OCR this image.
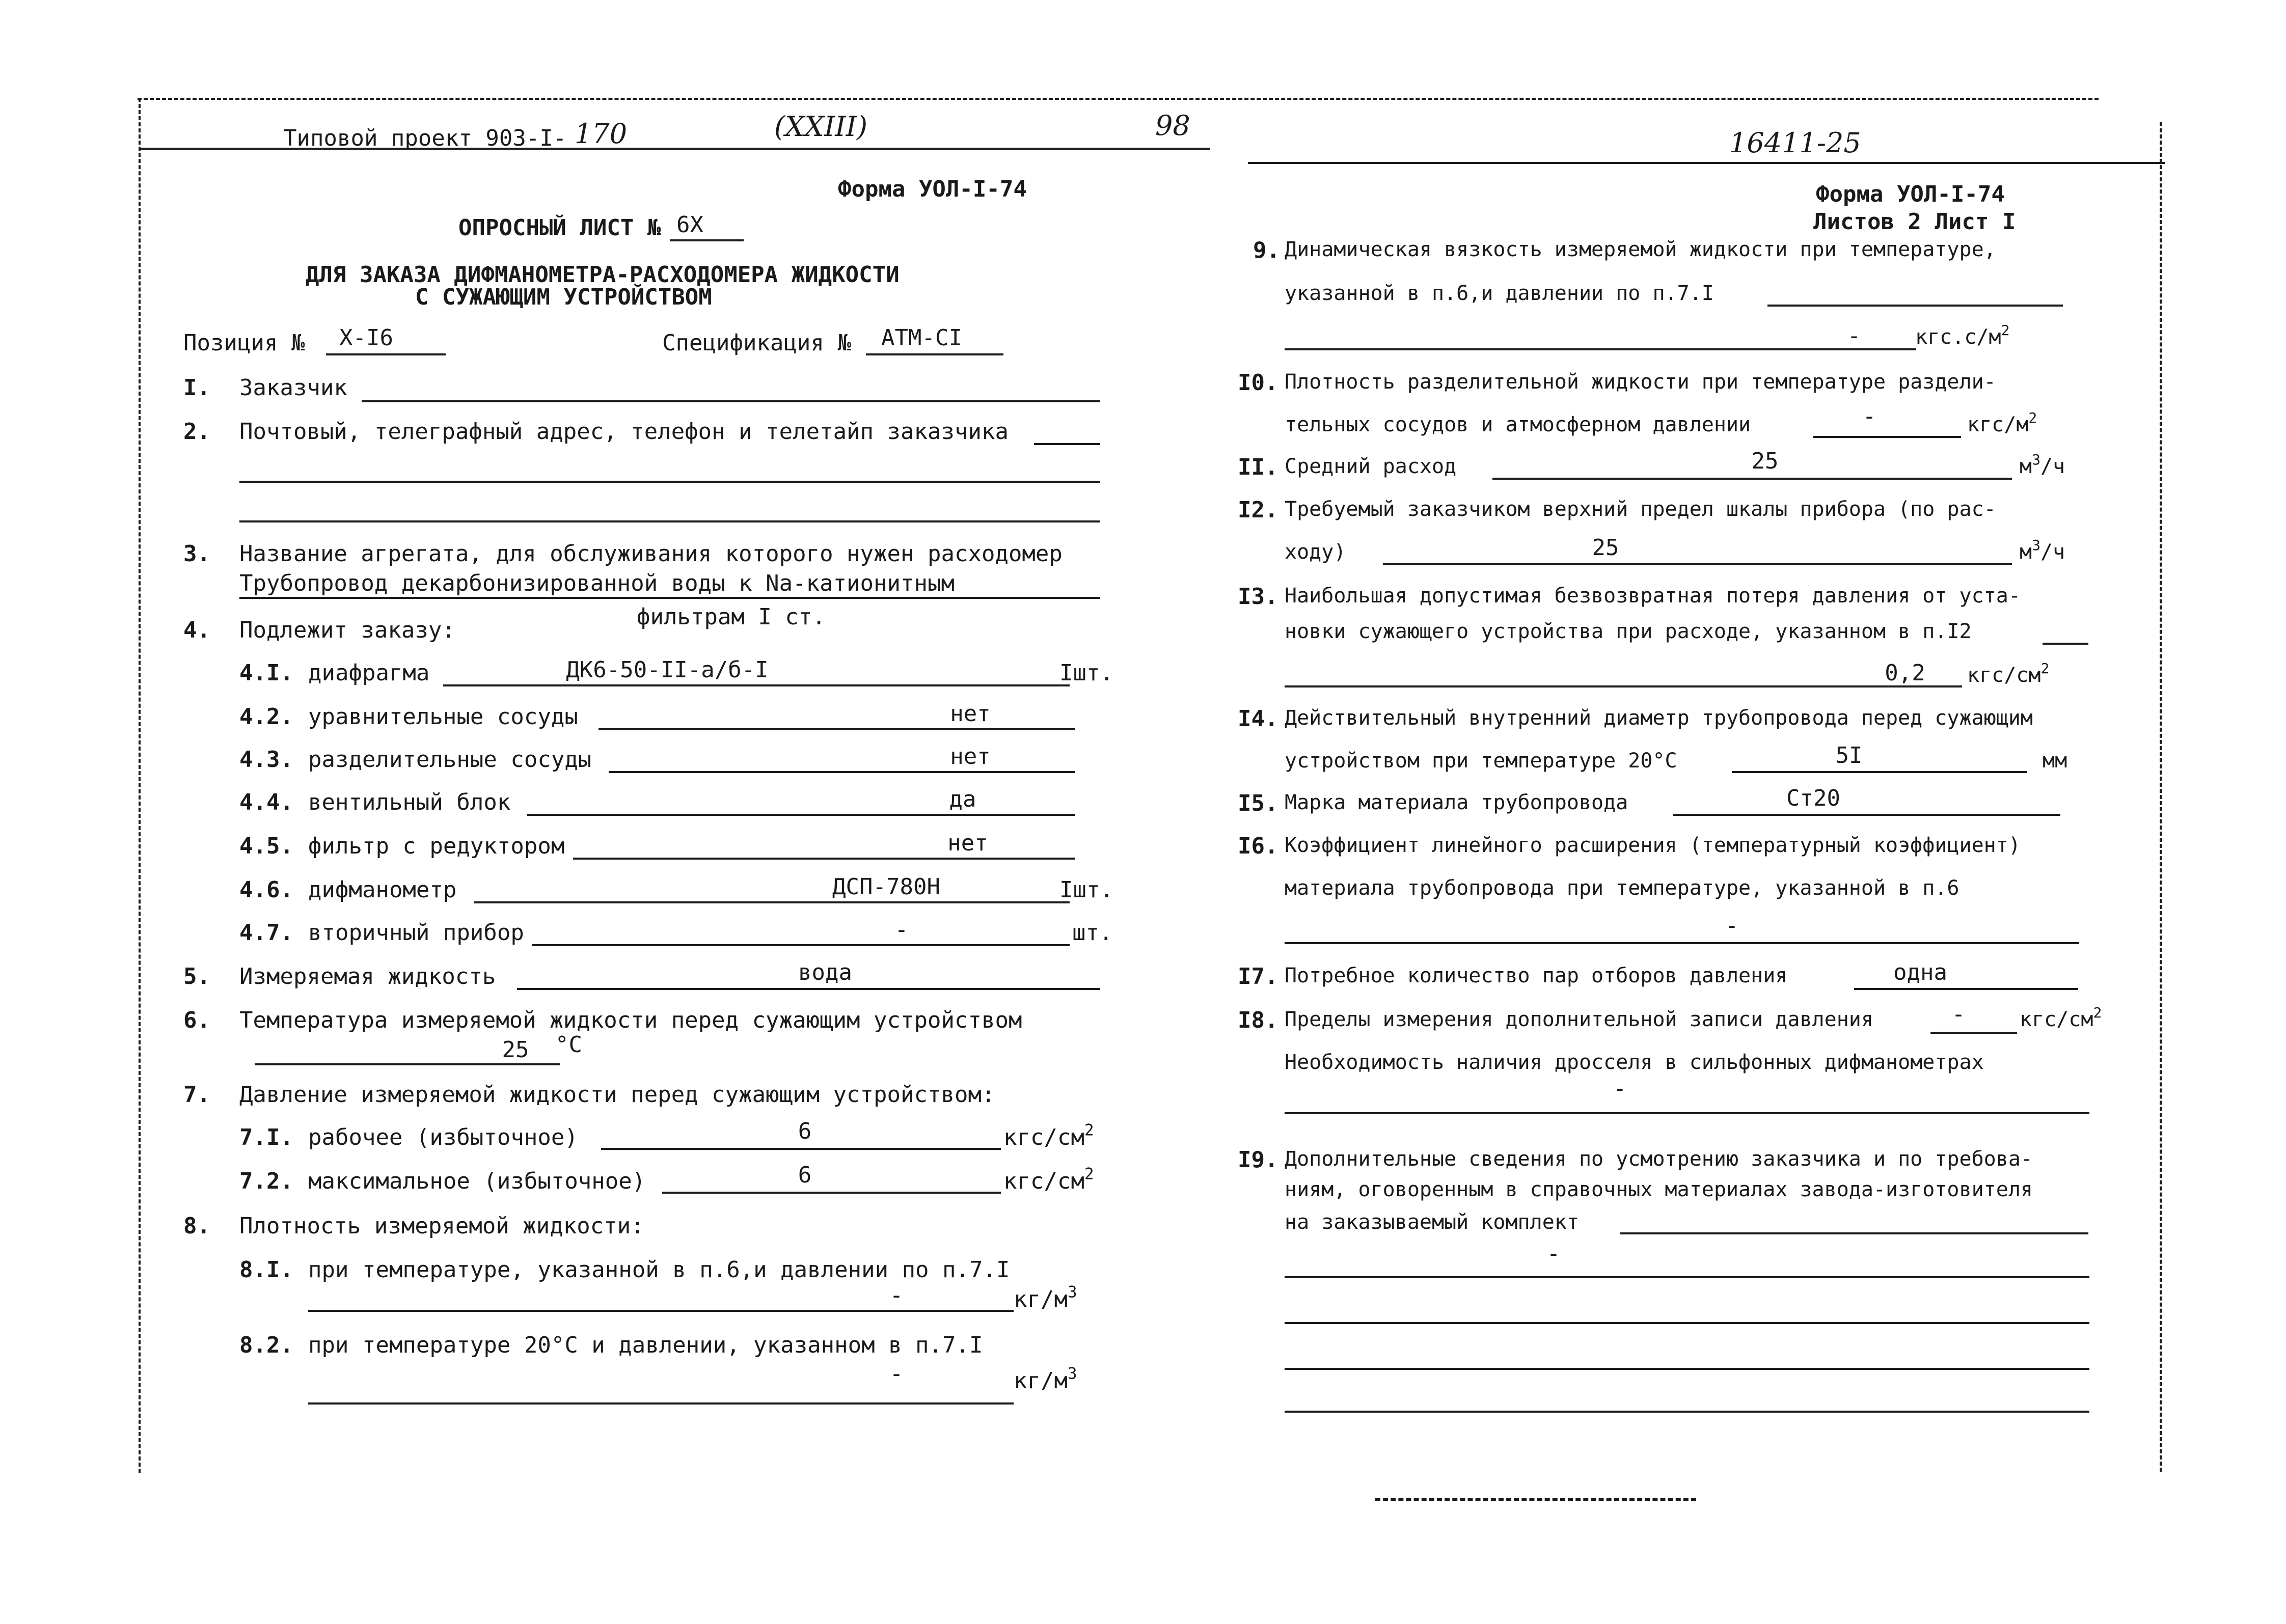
Типовой проект 903-I- 170	(XXIII)	98
16411-25
Форма УОЛ-I-74
ОПРОСНЫЙ ЛИСТ № 6X
ДЛЯ ЗАКАЗА ДИФМАНОМЕТРА-РАСХОДОМЕРА ЖИДКОСТИ
С СУЖАЮЩИМ УСТРОЙСТВОМ
Позиция № X-I6	Спецификация № АТМ-СI
I. Заказчик
2. Почтовый, телеграфный адрес, телефон и телетайп заказчика
3. Название агрегата, для обслуживания которого нужен расходомер
Трубопровод декарбонизированной воды к Na-катионитным
фильтрам I ст.
4. Подлежит заказу:
4.I. диафрагма	ДК6-50-II-а/б-I	Iшт.
4.2. уравнительные сосуды	нет
4.3. разделительные сосуды	нет
4.4. вентильный блок	да
4.5. фильтр с редуктором	нет
4.6. дифманометр	ДСП-780Н	Iшт.
4.7. вторичный прибор	-	шт.
5. Измеряемая жидкость	вода
6. Температура измеряемой жидкости перед сужающим устройством
25 °С
7. Давление измеряемой жидкости перед сужающим устройством:
7.I. рабочее (избыточное)	6	кгс/$см^2$
7.2. максимальное (избыточное)	6	кгс/$см^2$
8. Плотность измеряемой жидкости:
8.I. при температуре, указанной в п.6,и давлении по п.7.I
-	$кг/м^3$
8.2. при температуре 20°С и давлении, указанном в п.7.I
-	$кг/м^3$
Форма УОЛ-I-74
Листов 2 Лист I
9. Динамическая вязкость измеряемой жидкости при температуре,
указанной в п.6,и давлении по п.7.I
-	$кгс.с/м^2$
I0. Плотность разделительной жидкости при температуре раздели-
тельных сосудов и атмосферном давлении	-	кгс/$м^2$
II. Средний расход	25	$м^3/ч$
I2. Требуемый заказчиком верхний предел шкалы прибора (по рас-
ходу)	25	$м^3/ч$
I3. Наибольшая допустимая безвозвратная потеря давления от уста-
новки сужающего устройства при расходе, указанном в п.I2
0,2 кгс/$см^2$
I4. Действительный внутренний диаметр трубопровода перед сужающим
устройством при температуре 20°С	5I	мм
I5. Марка материала трубопровода	Ст20
I6. Коэффициент линейного расширения (температурный коэффициент)
материала трубопровода при температуре, указанной в п.6
-
I7. Потребное количество пар отборов давления	одна
I8. Пределы измерения дополнительной записи давления	-	кгс/$см^2$
Необходимость наличия дросселя в сильфонных дифманометрах
-
I9. Дополнительные сведения по усмотрению заказчика и по требова-
ниям, оговоренным в справочных материалах завода-изготовителя
на заказываемый комплект
-
